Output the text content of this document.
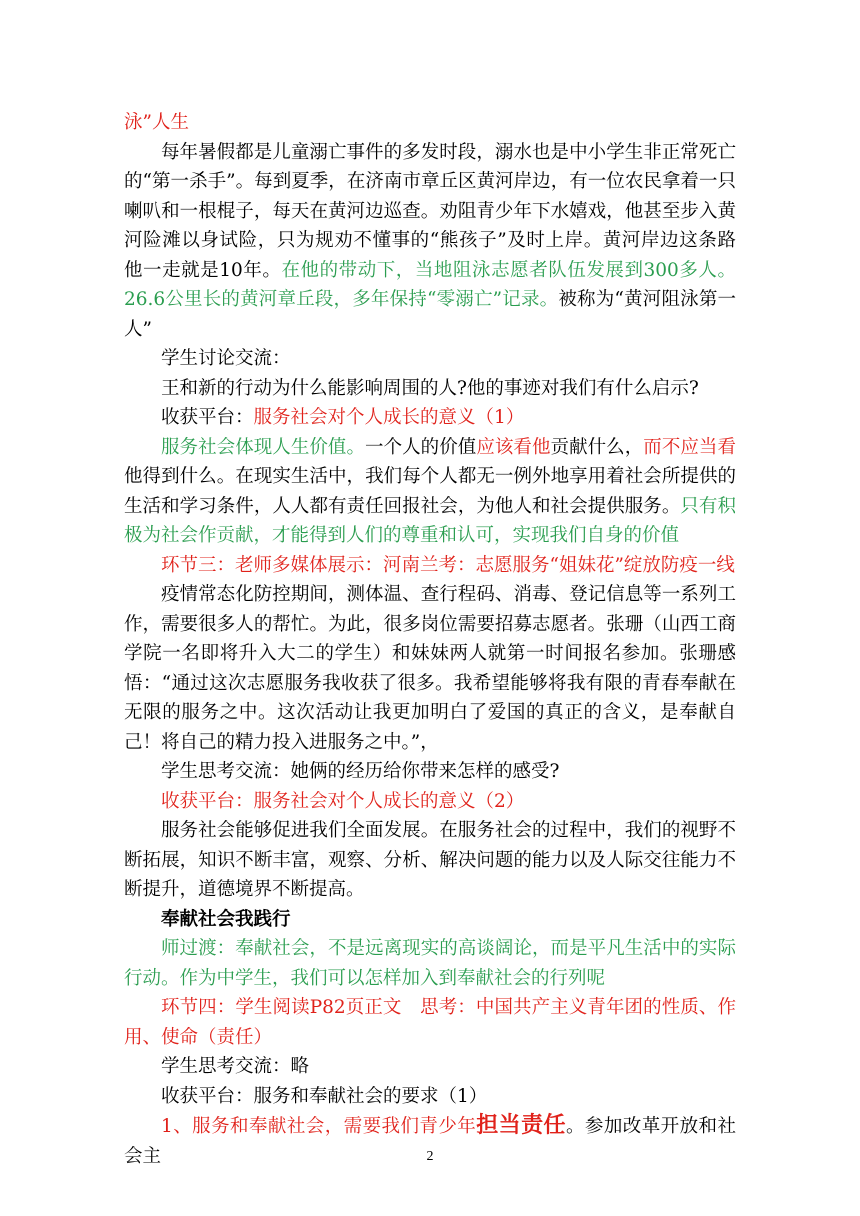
泳”人生

每年暑假都是儿童溺亡事件的多发时段，溺水也是中小学生非正常死亡的“第一杀手”。每到夏季，在济南市章丘区黄河岸边，有一位农民拿着一只喇叭和一根棍子，每天在黄河边巡查。劝阻青少年下水嬉戏，他甚至步入黄河险滩以身试险，只为规劝不懂事的“熊孩子”及时上岸。黄河岸边这条路 他一走就是10年。在他的带动下，当地阻泳志愿者队伍发展到300多人。26.6公里长的黄河章丘段，多年保持“零溺亡”记录。被称为“黄河阻泳第一人”

学生讨论交流：

王和新的行动为什么能影响周围的人?他的事迹对我们有什么启示?

收获平台：服务社会对个人成长的意义（1）

服务社会体现人生价值。一个人的价值应该看他贡献什么，而不应当看他得到什么。在现实生活中，我们每个人都无一例外地享用着社会所提供的生活和学习条件，人人都有责任回报社会，为他人和社会提供服务。只有积极为社会作贡献，才能得到人们的尊重和认可，实现我们自身的价值

环节三：老师多媒体展示：河南兰考：志愿服务“姐妹花”绽放防疫一线

疫情常态化防控期间，测体温、查行程码、消毒、登记信息等一系列工作，需要很多人的帮忙。为此，很多岗位需要招募志愿者。张珊（山西工商学院一名即将升入大二的学生）和妹妹两人就第一时间报名参加。张珊感悟：“通过这次志愿服务我收获了很多。我希望能够将我有限的青春奉献在无限的服务之中。这次活动让我更加明白了爱国的真正的含义，是奉献自己！将自己的精力投入进服务之中。”，

学生思考交流：她俩的经历给你带来怎样的感受?

收获平台：服务社会对个人成长的意义（2）

服务社会能够促进我们全面发展。在服务社会的过程中，我们的视野不断拓展，知识不断丰富，观察、分析、解决问题的能力以及人际交往能力不断提升，道德境界不断提高。

奉献社会我践行

师过渡：奉献社会，不是远离现实的高谈阔论，而是平凡生活中的实际行动。作为中学生，我们可以怎样加入到奉献社会的行列呢

环节四：学生阅读P82页正文　思考：中国共产主义青年团的性质、作用、使命（责任）

学生思考交流：略

收获平台：服务和奉献社会的要求（1）

1、服务和奉献社会，需要我们青少年担当责任。参加改革开放和社会主	2
